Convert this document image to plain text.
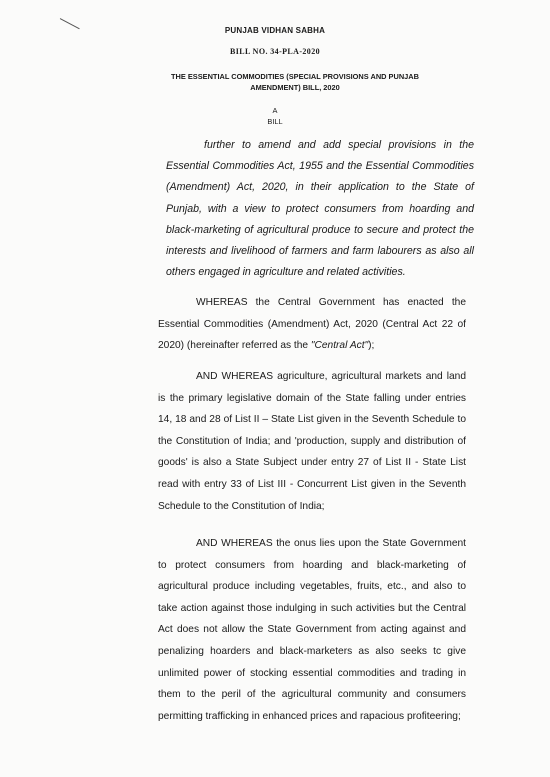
PUNJAB VIDHAN SABHA
BILL NO. 34-PLA-2020
THE ESSENTIAL COMMODITIES (SPECIAL PROVISIONS AND PUNJAB AMENDMENT) BILL, 2020
A
BILL

further to amend and add special provisions in the Essential Commodities Act, 1955 and the Essential Commodities (Amendment) Act, 2020, in their application to the State of Punjab, with a view to protect consumers from hoarding and black-marketing of agricultural produce to secure and protect the interests and livelihood of farmers and farm labourers as also all others engaged in agriculture and related activities.

WHEREAS the Central Government has enacted the Essential Commodities (Amendment) Act, 2020 (Central Act 22 of 2020) (hereinafter referred as the "Central Act");

AND WHEREAS agriculture, agricultural markets and land is the primary legislative domain of the State falling under entries 14, 18 and 28 of List II – State List given in the Seventh Schedule to the Constitution of India; and 'production, supply and distribution of goods' is also a State Subject under entry 27 of List II - State List read with entry 33 of List III - Concurrent List given in the Seventh Schedule to the Constitution of India;

AND WHEREAS the onus lies upon the State Government to protect consumers from hoarding and black-marketing of agricultural produce including vegetables, fruits, etc., and also to take action against those indulging in such activities but the Central Act does not allow the State Government from acting against and penalizing hoarders and black-marketers as also seeks tc give unlimited power of stocking essential commodities and trading in them to the peril of the agricultural community and consumers permitting trafficking in enhanced prices and rapacious profiteering;
